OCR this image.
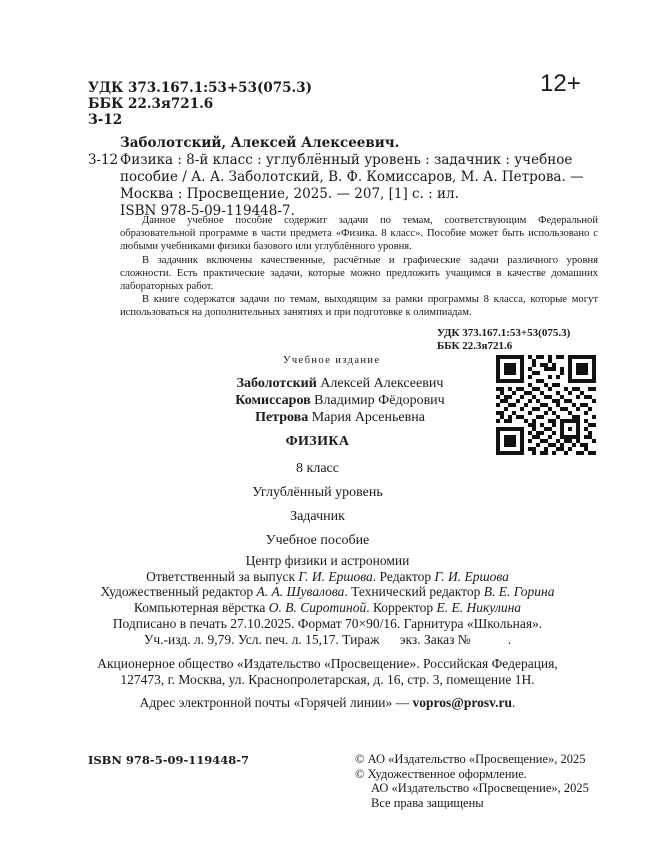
УДК 373.167.1:53+53(075.3)
ББК 22.3я721.6
З-12
12+
Заболотский, Алексей Алексеевич.
З-12 Физика : 8-й класс : углублённый уровень : задачник : учебное
пособие / А. А. Заболотский, В. Ф. Комиссаров, М. А. Петрова. —
Москва : Просвещение, 2025. — 207, [1] с. : ил.
ISBN 978-5-09-119448-7.

Данное учебное пособие содержит задачи по темам, соответствующим Федеральной образовательной программе в части предмета «Физика. 8 класс». Пособие может быть использовано с любыми учебниками физики базового или углублённого уровня.

В задачник включены качественные, расчётные и графические задачи различного уровня сложности. Есть практические задачи, которые можно предложить учащимся в качестве домашних лабораторных работ.

В книге содержатся задачи по темам, выходящим за рамки программы 8 класса, которые могут использоваться на дополнительных занятиях и при подготовке к олимпиадам.

УДК 373.167.1:53+53(075.3)
ББК 22.3я721.6
Учебное издание
Заболотский Алексей Алексеевич
Комиссаров Владимир Фёдорович
Петрова Мария Арсеньевна
ФИЗИКА
8 класс
Углублённый уровень
Задачник
Учебное пособие
Центр физики и астрономии
Ответственный за выпуск Г. И. Ершова. Редактор Г. И. Ершова
Художественный редактор А. А. Шувалова. Технический редактор В. Е. Горина
Компьютерная вёрстка О. В. Сиротиной. Корректор Е. Е. Никулина
Подписано в печать 27.10.2025. Формат 70×90/16. Гарнитура «Школьная».
Уч.-изд. л. 9,79. Усл. печ. л. 15,17. Тираж      экз. Заказ №           .
Акционерное общество «Издательство «Просвещение». Российская Федерация,
127473, г. Москва, ул. Краснопролетарская, д. 16, стр. 3, помещение 1Н.
Адрес электронной почты «Горячей линии» — vopros@prosv.ru.
ISBN 978-5-09-119448-7	© АО «Издательство «Просвещение», 2025
© Художественное оформление.
АО «Издательство «Просвещение», 2025
Все права защищены
